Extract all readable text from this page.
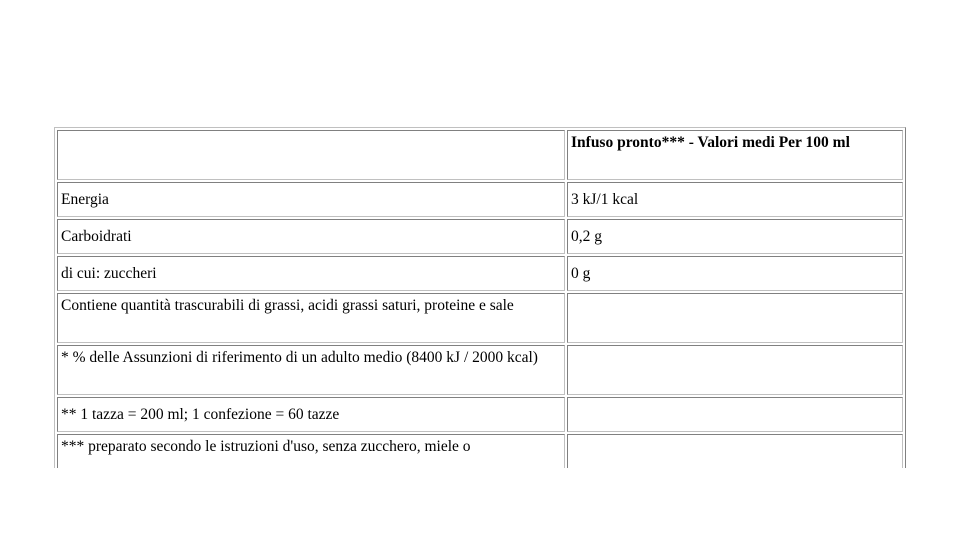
	Infuso pronto*** - Valori medi Per 100 ml
Energia	3 kJ/1 kcal
Carboidrati	0,2 g
di cui: zuccheri	0 g
Contiene quantità trascurabili di grassi, acidi grassi saturi, proteine e sale	
* % delle Assunzioni di riferimento di un adulto medio (8400 kJ / 2000 kcal)	
** 1 tazza = 200 ml; 1 confezione = 60 tazze	
*** preparato secondo le istruzioni d'uso, senza zucchero, miele o	
